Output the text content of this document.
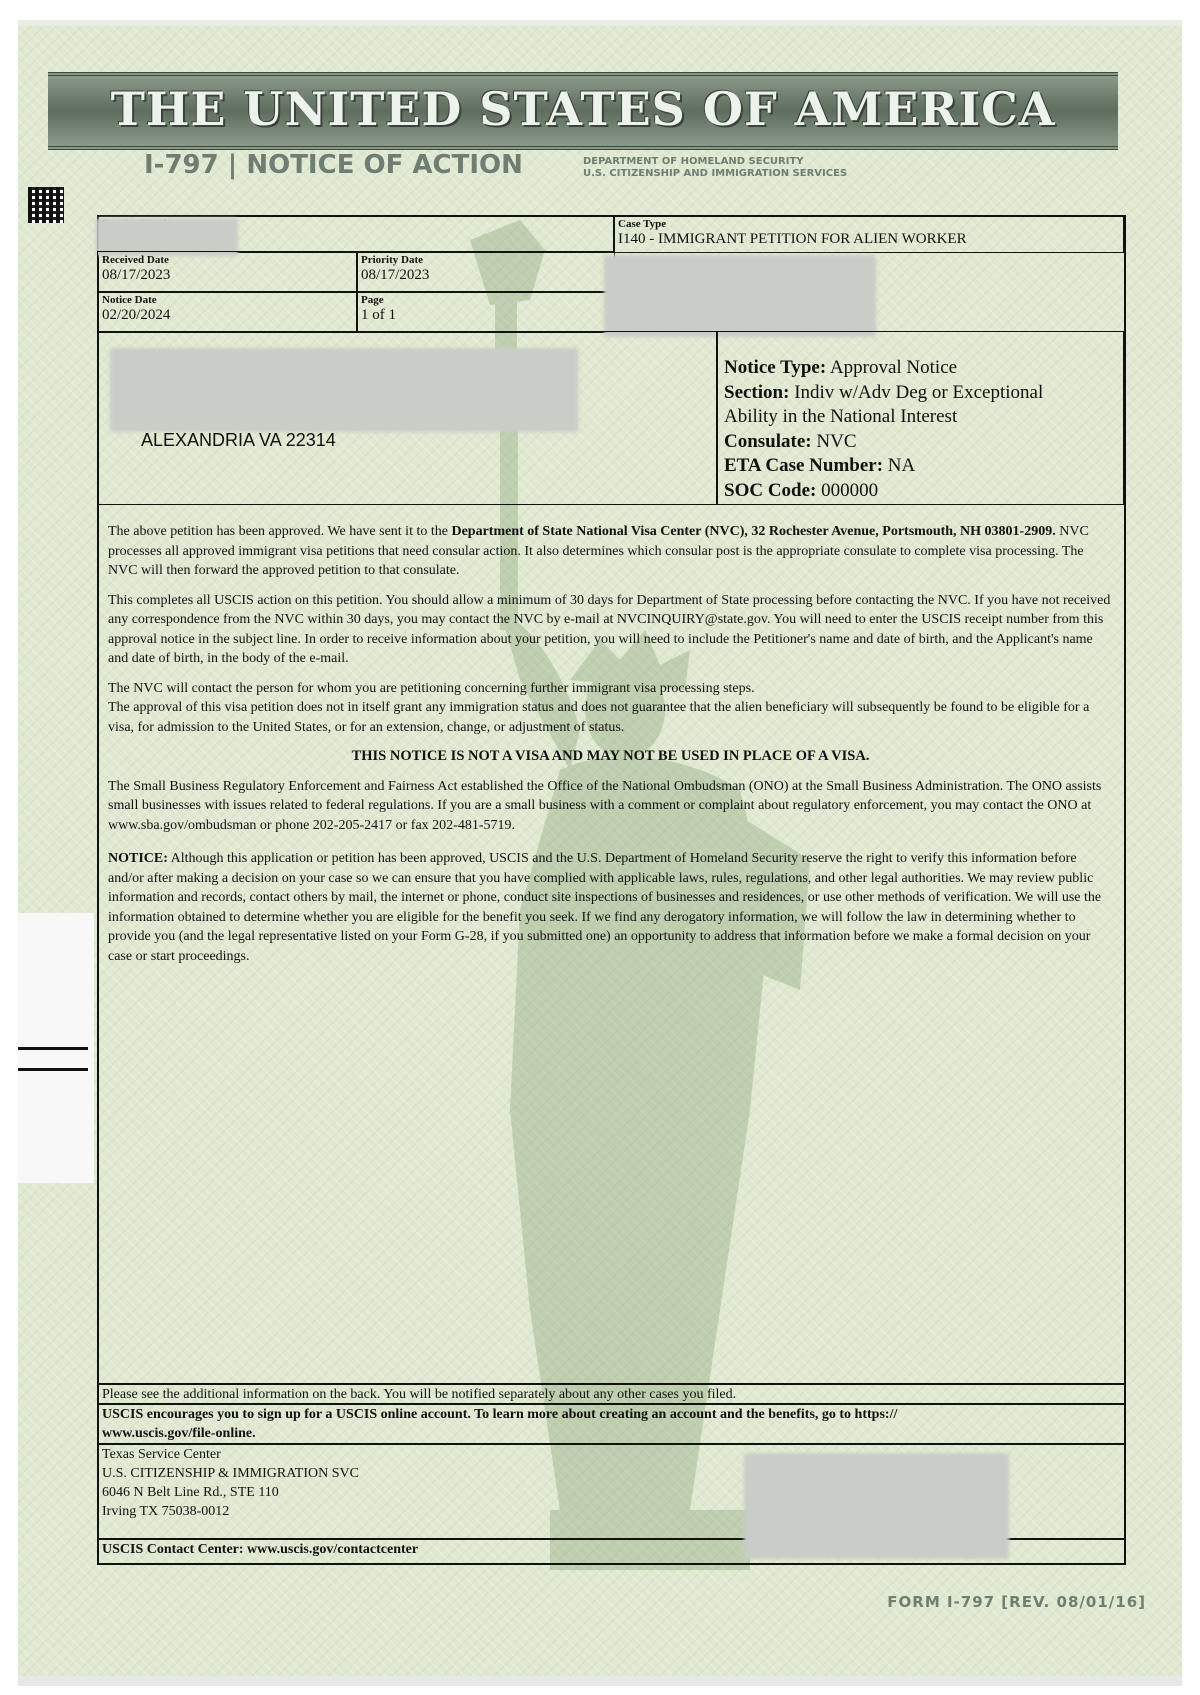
THE UNITED STATES OF AMERICA
I-797 | NOTICE OF ACTION	DEPARTMENT OF HOMELAND SECURITY
U.S. CITIZENSHIP AND IMMIGRATION SERVICES
Case Type
I140 - IMMIGRANT PETITION FOR ALIEN WORKER
Received Date
08/17/2023
Priority Date
08/17/2023
Notice Date
02/20/2024
Page
1 of 1
ALEXANDRIA VA 22314
Notice Type: Approval Notice
Section: Indiv w/Adv Deg or Exceptional
Ability in the National Interest
Consulate: NVC
ETA Case Number: NA
SOC Code: 000000

The above petition has been approved. We have sent it to the Department of State National Visa Center (NVC), 32 Rochester Avenue, Portsmouth, NH 03801-2909. NVC processes all approved immigrant visa petitions that need consular action. It also determines which consular post is the appropriate consulate to complete visa processing. The NVC will then forward the approved petition to that consulate.

This completes all USCIS action on this petition. You should allow a minimum of 30 days for Department of State processing before contacting the NVC. If you have not received any correspondence from the NVC within 30 days, you may contact the NVC by e-mail at NVCINQUIRY@state.gov. You will need to enter the USCIS receipt number from this approval notice in the subject line. In order to receive information about your petition, you will need to include the Petitioner's name and date of birth, and the Applicant's name and date of birth, in the body of the e-mail.

The NVC will contact the person for whom you are petitioning concerning further immigrant visa processing steps.

The approval of this visa petition does not in itself grant any immigration status and does not guarantee that the alien beneficiary will subsequently be found to be eligible for a visa, for admission to the United States, or for an extension, change, or adjustment of status.

THIS NOTICE IS NOT A VISA AND MAY NOT BE USED IN PLACE OF A VISA.

The Small Business Regulatory Enforcement and Fairness Act established the Office of the National Ombudsman (ONO) at the Small Business Administration. The ONO assists small businesses with issues related to federal regulations. If you are a small business with a comment or complaint about regulatory enforcement, you may contact the ONO at www.sba.gov/ombudsman or phone 202-205-2417 or fax 202-481-5719.

NOTICE: Although this application or petition has been approved, USCIS and the U.S. Department of Homeland Security reserve the right to verify this information before and/or after making a decision on your case so we can ensure that you have complied with applicable laws, rules, regulations, and other legal authorities. We may review public information and records, contact others by mail, the internet or phone, conduct site inspections of businesses and residences, or use other methods of verification. We will use the information obtained to determine whether you are eligible for the benefit you seek. If we find any derogatory information, we will follow the law in determining whether to provide you (and the legal representative listed on your Form G-28, if you submitted one) an opportunity to address that information before we make a formal decision on your case or start proceedings.

Please see the additional information on the back. You will be notified separately about any other cases you filed.
USCIS encourages you to sign up for a USCIS online account. To learn more about creating an account and the benefits, go to https://
www.uscis.gov/file-online.
Texas Service Center
U.S. CITIZENSHIP & IMMIGRATION SVC
6046 N Belt Line Rd., STE 110
Irving TX 75038-0012
USCIS Contact Center: www.uscis.gov/contactcenter
FORM I-797 [REV. 08/01/16]
